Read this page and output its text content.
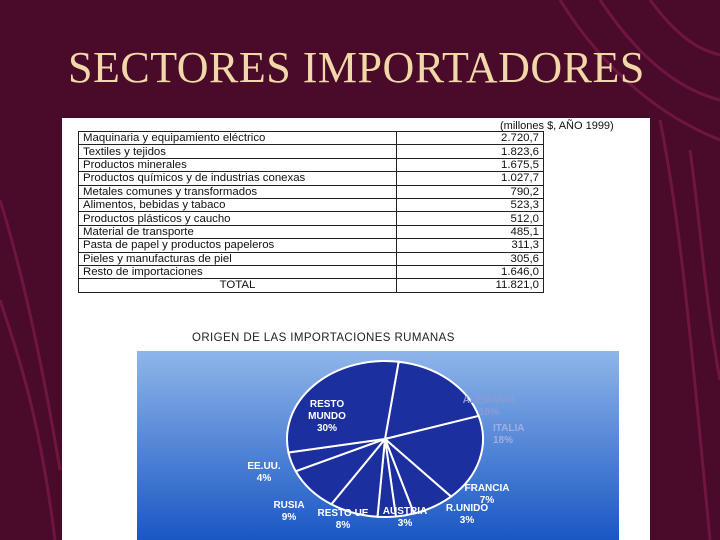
SECTORES IMPORTADORES
(millones $, AÑO 1999)
Maquinaria y equipamiento eléctrico	2.720,7
Textiles y tejidos	1.823,6
Productos minerales	1.675,5
Productos químicos y de industrias conexas	1.027,7
Metales comunes y transformados	790,2
Alimentos, bebidas y tabaco	523,3
Productos plásticos y caucho	512,0
Material de transporte	485,1
Pasta de papel y productos papeleros	311,3
Pieles y manufacturas de piel	305,6
Resto de importaciones	1.646,0
TOTAL	11.821,0
ORIGEN DE LAS IMPORTACIONES RUMANAS
ALEMANIA
18%
ITALIA
18%
FRANCIA
7%
R.UNIDO
3%
AUSTRIA
3%
RESTO UE
8%
RUSIA
9%
EE.UU.
4%
RESTO MUNDO
30%
